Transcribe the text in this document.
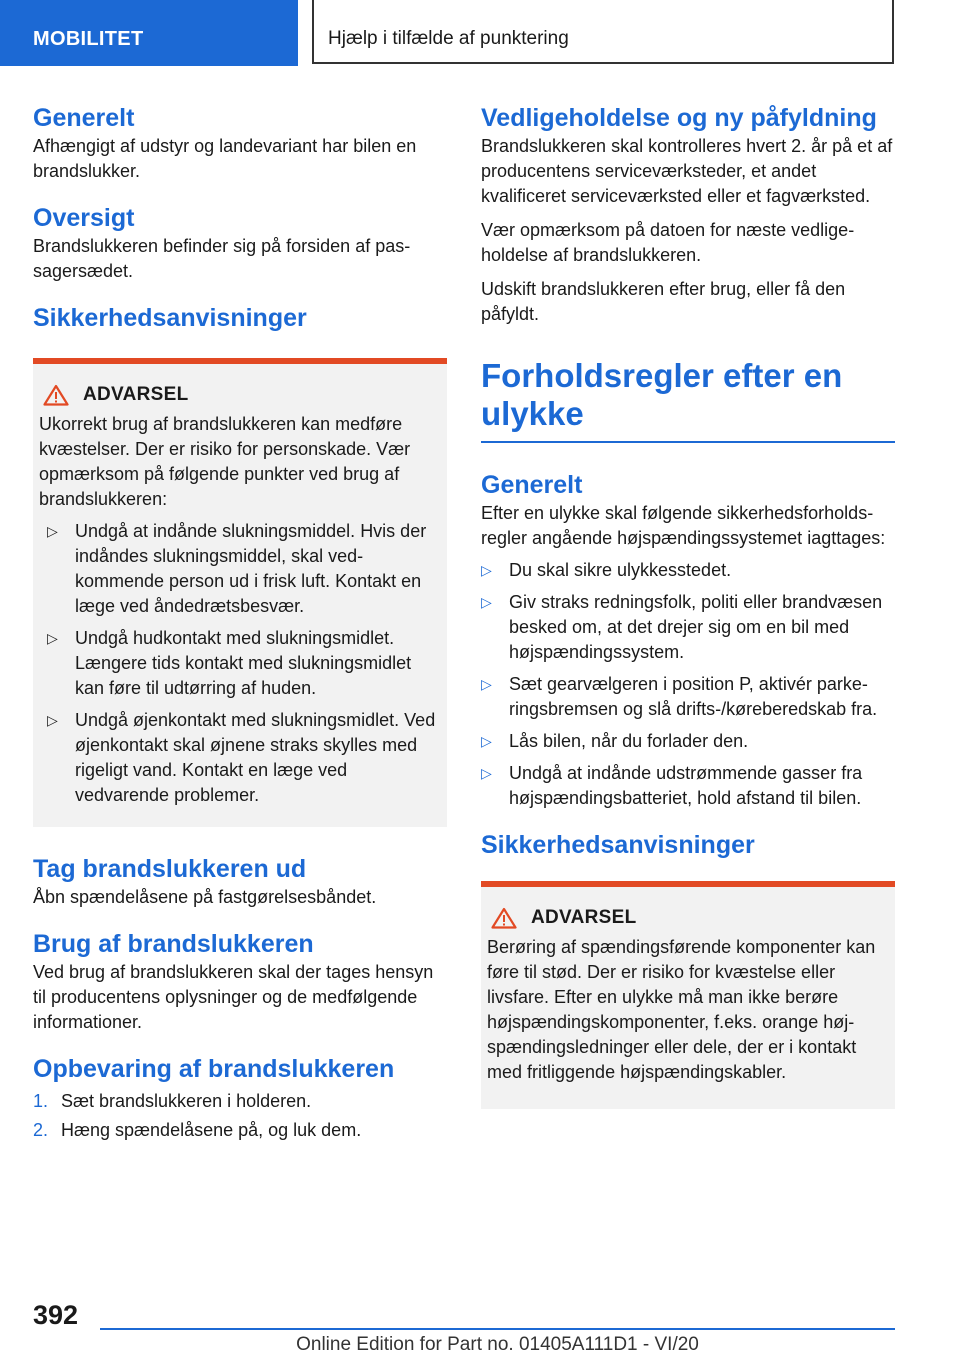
MOBILITET	Hjælp i tilfælde af punktering
Generelt

Afhængigt af udstyr og landevariant har bilen en brandslukker.

Oversigt

Brandslukkeren befinder sig på forsiden af passagersædet.

Sikkerhedsanvisninger
ADVARSEL

Ukorrekt brug af brandslukkeren kan medføre kvæstelser. Der er risiko for personskade. Vær opmærksom på følgende punkter ved brug af brandslukkeren:

▷ Undgå at indånde slukningsmiddel. Hvis der indåndes slukningsmiddel, skal vedkommende person ud i frisk luft. Kontakt en læge ved åndedrætsbesvær.
▷ Undgå hudkontakt med slukningsmidlet. Længere tids kontakt med slukningsmidlet kan føre til udtørring af huden.
▷ Undgå øjenkontakt med slukningsmidlet. Ved øjenkontakt skal øjnene straks skylles med rigeligt vand. Kontakt en læge ved vedvarende problemer.
Tag brandslukkeren ud

Åbn spændelåsene på fastgørelsesbåndet.

Brug af brandslukkeren

Ved brug af brandslukkeren skal der tages hensyn til producentens oplysninger og de medfølgende informationer.

Opbevaring af brandslukkeren
1. Sæt brandslukkeren i holderen.
2. Hæng spændelåsene på, og luk dem.
Vedligeholdelse og ny påfyldning

Brandslukkeren skal kontrolleres hvert 2. år på et af producentens serviceværksteder, et andet kvalificeret serviceværksted eller et fagværksted.

Vær opmærksom på datoen for næste vedligeholdelse af brandslukkeren.

Udskift brandslukkeren efter brug, eller få den påfyldt.

Forholdsregler efter en ulykke
Generelt

Efter en ulykke skal følgende sikkerhedsforholdsregler angående højspændingssystemet iagttages:

▷ Du skal sikre ulykkesstedet.
▷ Giv straks redningsfolk, politi eller brandvæsen besked om, at det drejer sig om en bil med højspændingssystem.
▷ Sæt gearvælgeren i position P, aktivér parkeringsbremsen og slå drifts-/køreberedskab fra.
▷ Lås bilen, når du forlader den.
▷ Undgå at indånde udstrømmende gasser fra højspændingsbatteriet, hold afstand til bilen.
Sikkerhedsanvisninger
ADVARSEL

Berøring af spændingsførende komponenter kan føre til stød. Der er risiko for kvæstelse eller livsfare. Efter en ulykke må man ikke berøre højspændingskomponenter, f.eks. orange højspændingsledninger eller dele, der er i kontakt med fritliggende højspændingskabler.

392
Online Edition for Part no. 01405A111D1 - VI/20
